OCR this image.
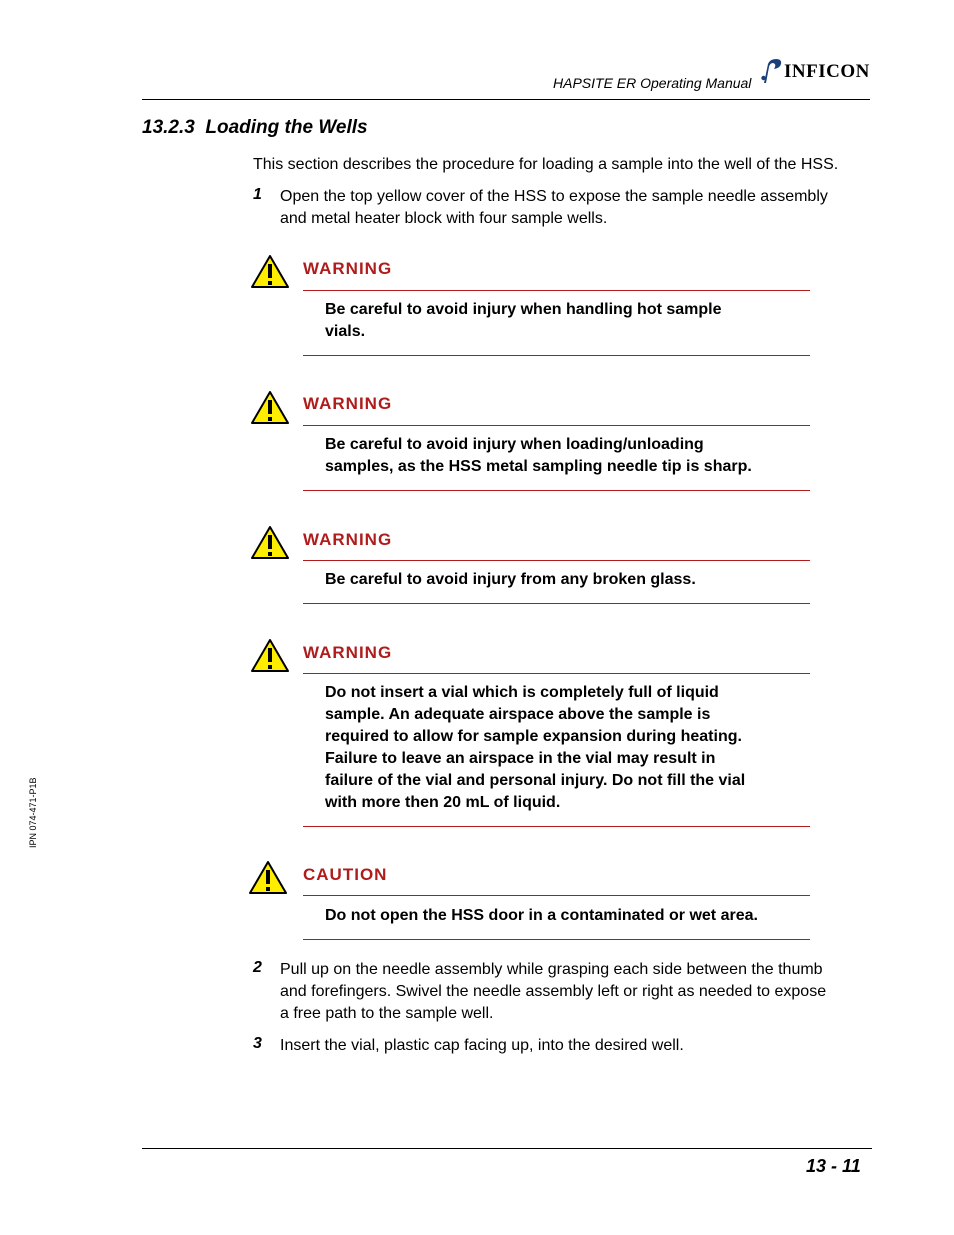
HAPSITE ER Operating Manual
INFICON
13.2.3  Loading the Wells
This section describes the procedure for loading a sample into the well of the HSS.
1 Open the top yellow cover of the HSS to expose the sample needle assembly
and metal heater block with four sample wells.
WARNING
Be careful to avoid injury when handling hot sample
vials.
WARNING
Be careful to avoid injury when loading/unloading
samples, as the HSS metal sampling needle tip is sharp.
WARNING
Be careful to avoid injury from any broken glass.
WARNING
Do not insert a vial which is completely full of liquid
sample. An adequate airspace above the sample is
required to allow for sample expansion during heating.
Failure to leave an airspace in the vial may result in
failure of the vial and personal injury. Do not fill the vial
with more then 20 mL of liquid.
CAUTION
Do not open the HSS door in a contaminated or wet area.
2 Pull up on the needle assembly while grasping each side between the thumb
and forefingers. Swivel the needle assembly left or right as needed to expose
a free path to the sample well.
3 Insert the vial, plastic cap facing up, into the desired well.
IPN 074-471-P1B
13 - 11
